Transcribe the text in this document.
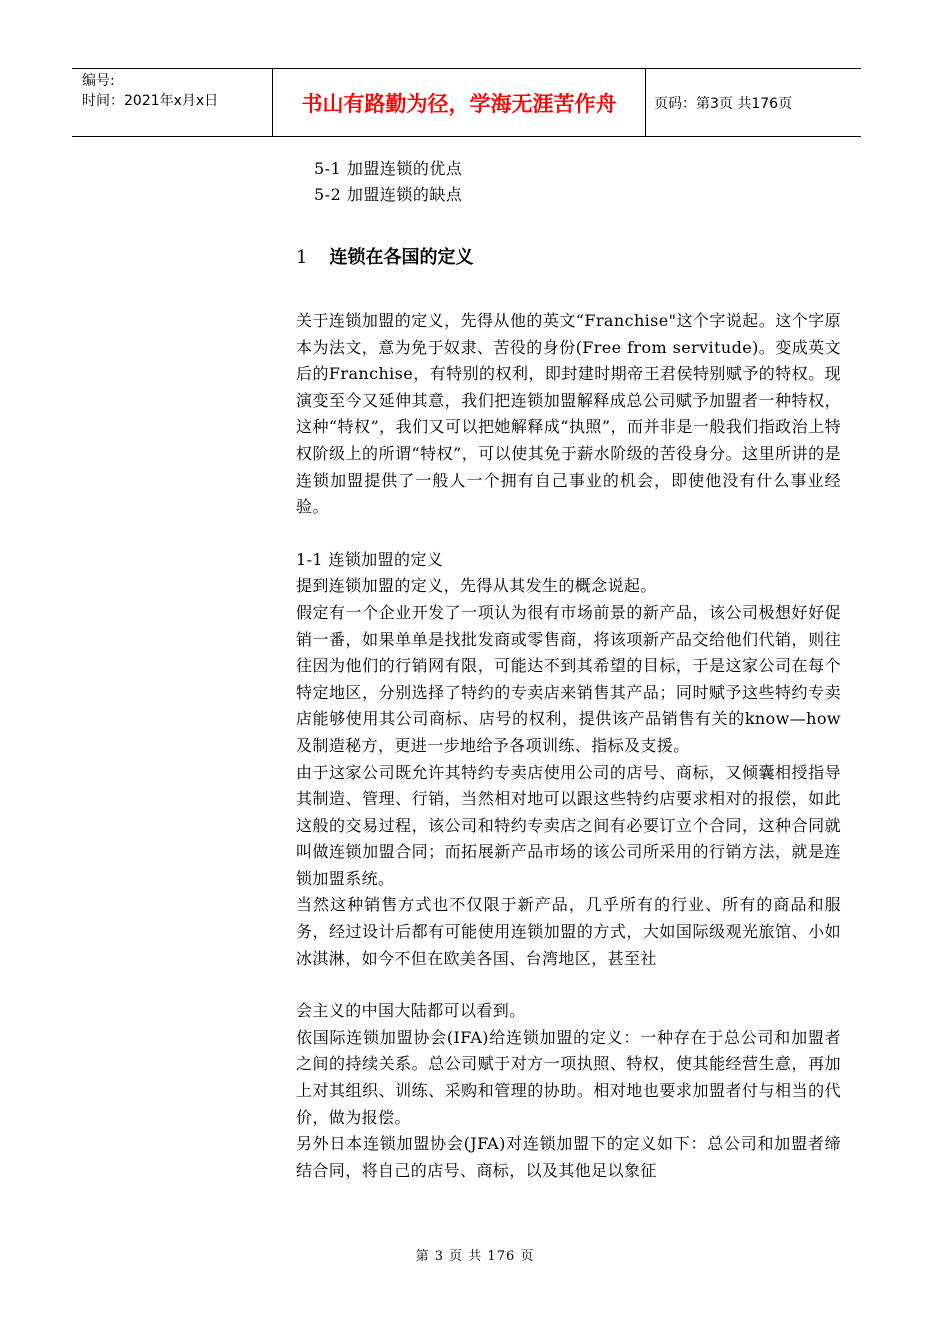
编号:
时间：2021年x月x日	书山有路勤为径，学海无涯苦作舟	页码：第3页 共176页
5-1 加盟连锁的优点
5-2 加盟连锁的缺点
1 连锁在各国的定义

关于连锁加盟的定义，先得从他的英文“Franchise"这个字说起。这个字原本为法文，意为免于奴隶、苦役的身份(Free from servitude)。变成英文后的Franchise，有特别的权利，即封建时期帝王君侯特别赋予的特权。现演变至今又延伸其意，我们把连锁加盟解释成总公司赋予加盟者一种特权，这种“特权”，我们又可以把她解释成“执照”，而并非是一般我们指政治上特权阶级上的所谓“特权”，可以使其免于薪水阶级的苦役身分。这里所讲的是连锁加盟提供了一般人一个拥有自己事业的机会，即使他没有什么事业经验。

1-1 连锁加盟的定义

提到连锁加盟的定义，先得从其发生的概念说起。

假定有一个企业开发了一项认为很有市场前景的新产品，该公司极想好好促销一番，如果单单是找批发商或零售商，将该项新产品交给他们代销，则往往因为他们的行销网有限，可能达不到其希望的目标，于是这家公司在每个特定地区，分别选择了特约的专卖店来销售其产品；同时赋予这些特约专卖店能够使用其公司商标、店号的权利，提供该产品销售有关的know—how及制造秘方，更进一步地给予各项训练、指标及支援。

由于这家公司既允许其特约专卖店使用公司的店号、商标，又倾囊相授指导其制造、管理、行销，当然相对地可以跟这些特约店要求相对的报偿，如此这般的交易过程，该公司和特约专卖店之间有必要订立个合同，这种合同就叫做连锁加盟合同；而拓展新产品市场的该公司所采用的行销方法，就是连锁加盟系统。

当然这种销售方式也不仅限于新产品，几乎所有的行业、所有的商品和服务，经过设计后都有可能使用连锁加盟的方式，大如国际级观光旅馆、小如冰淇淋，如今不但在欧美各国、台湾地区，甚至社

会主义的中国大陆都可以看到。

依国际连锁加盟协会(IFA)给连锁加盟的定义：一种存在于总公司和加盟者之间的持续关系。总公司赋于对方一项执照、特权，使其能经营生意，再加上对其组织、训练、采购和管理的协助。相对地也要求加盟者付与相当的代价，做为报偿。

另外日本连锁加盟协会(JFA)对连锁加盟下的定义如下：总公司和加盟者缔结合同，将自己的店号、商标，以及其他足以象征

第 3 页 共 176 页
